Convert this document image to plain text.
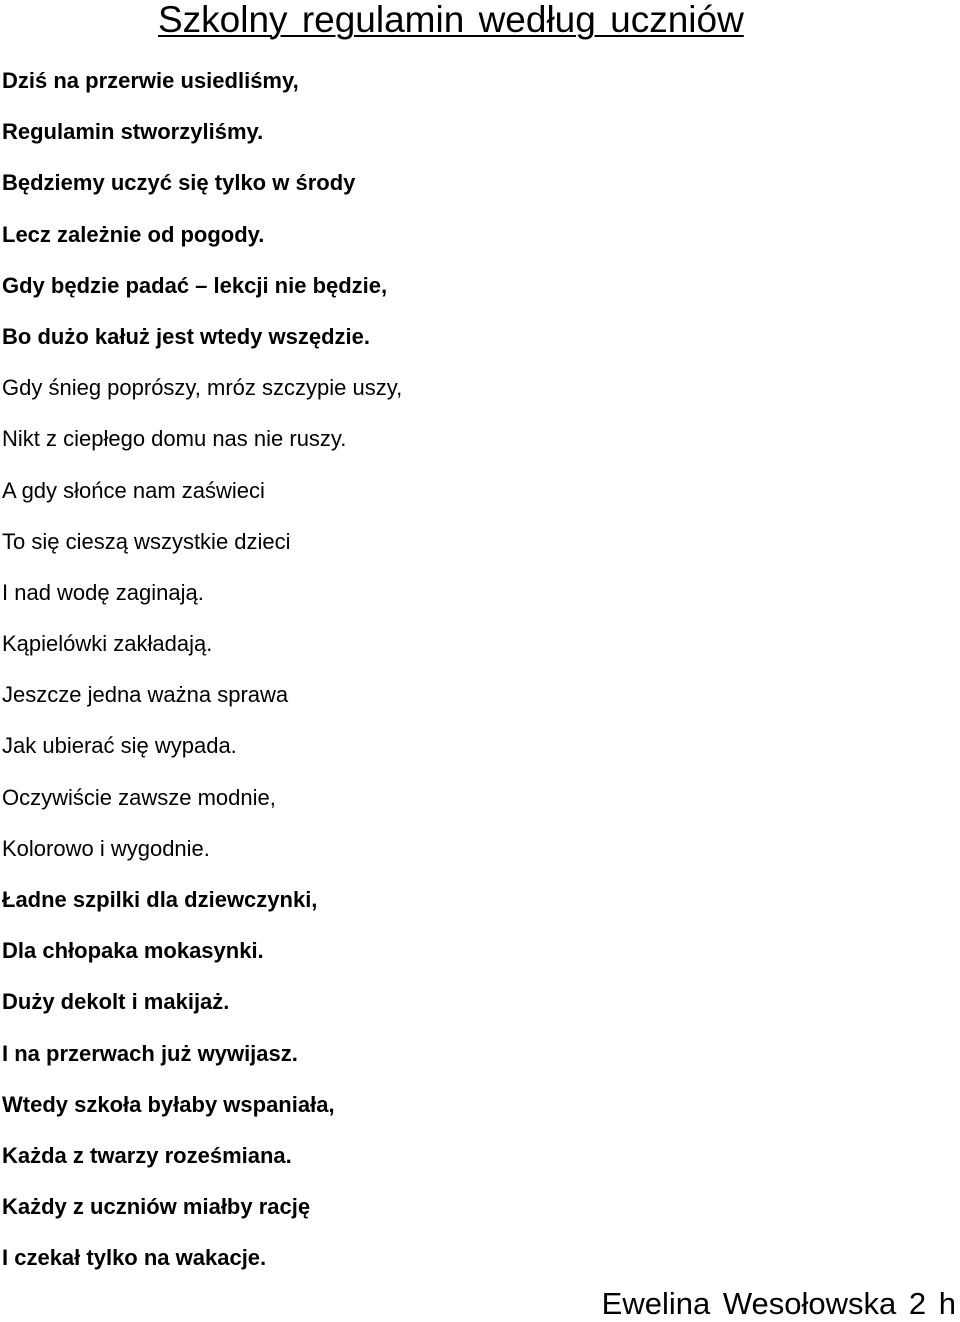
Szkolny regulamin według uczniów
Dziś na przerwie usiedliśmy,
Regulamin stworzyliśmy.
Będziemy uczyć się tylko w środy
Lecz zależnie od pogody.
Gdy będzie padać – lekcji nie będzie,
Bo dużo kałuż jest wtedy wszędzie.
Gdy śnieg poprószy, mróz szczypie uszy,
Nikt z ciepłego domu nas nie ruszy.
A gdy słońce nam zaświeci
To się cieszą wszystkie dzieci
I nad wodę zaginają.
Kąpielówki zakładają.
Jeszcze jedna ważna sprawa
Jak ubierać się wypada.
Oczywiście zawsze modnie,
Kolorowo i wygodnie.
Ładne szpilki dla dziewczynki,
Dla chłopaka mokasynki.
Duży dekolt i makijaż.
I na przerwach już wywijasz.
Wtedy szkoła byłaby wspaniała,
Każda z twarzy roześmiana.
Każdy z uczniów miałby rację
I czekał tylko na wakacje.
Ewelina Wesołowska 2 h
